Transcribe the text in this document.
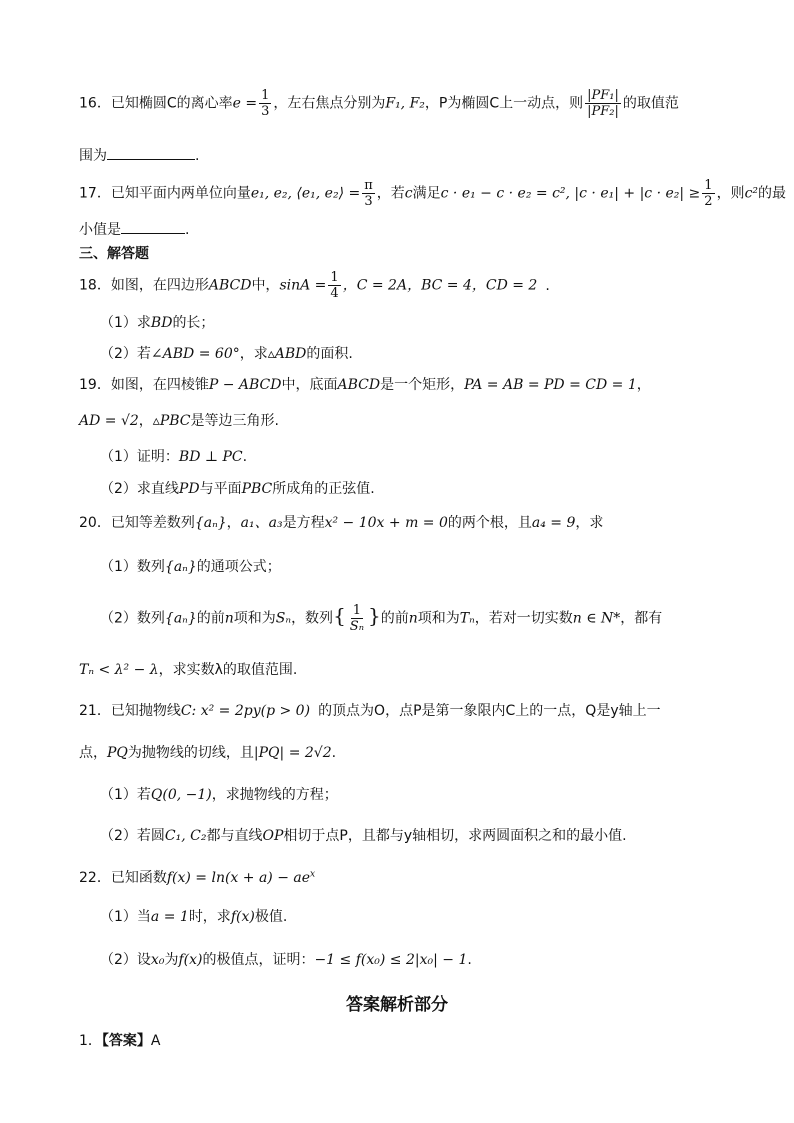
16．已知椭圆C的离心率$e = \frac{1}{3}$ ，左右焦点分别为F₁, F₂，P为椭圆C上一动点，则 $\frac{\text{|PF₁|}}{\text{|PF₂|}}$ 的取值范
围为	.
17．已知平面内两单位向量e₁, e₂, ⟨e₁, e₂⟩ = $\frac{\pi}{3}$ ，若c满足c · e₁ − c · e₂ = c², $|c \cdot e_1| + |c \cdot e_2| \ge \frac{1}{2}$ ，则c²的最
小值是	.
三、解答题
18．如图，在四边形ABCD中，$\sin A = \frac{1}{4}$ ，C = 2A，BC = 4，CD = 2 .
（1）求BD的长；
（2）若∠ABD = 60°，求▵ABD的面积.
19．如图，在四棱锥P − ABCD中，底面ABCD是一个矩形，PA = AB = PD = CD = 1，
AD = √2，▵PBC是等边三角形.
（1）证明：BD ⊥ PC.
（2）求直线PD与平面PBC所成角的正弦值.
20．已知等差数列{aₙ}，a₁、a₃是方程x² − 10x + m = 0的两个根，且a₄ = 9，求
（1）数列{aₙ}的通项公式；
（2）数列{aₙ}的前n项和为Sₙ，数列{ $\frac{1}{\text{Sₙ}}$ }的前n项和为Tₙ，若对一切实数n ∈ N*，都有
Tₙ < λ² − λ，求实数λ的取值范围.
21．已知抛物线C: x² = 2py(p > 0) 的顶点为O，点P是第一象限内C上的一点，Q是y轴上一
点，PQ为抛物线的切线，且|PQ| = 2√2.
（1）若Q(0, −1)，求抛物线的方程；
（2）若圆C₁, C₂都与直线OP相切于点P，且都与y轴相切，求两圆面积之和的最小值.
22．已知函数$f(x) = \ln(x + a) - ae^x$
（1）当a = 1时，求f(x)极值.
（2）设x₀为f(x)的极值点，证明：−1 ≤ f(x₀) ≤ 2|x₀| − 1.
答案解析部分
1．【答案】A
